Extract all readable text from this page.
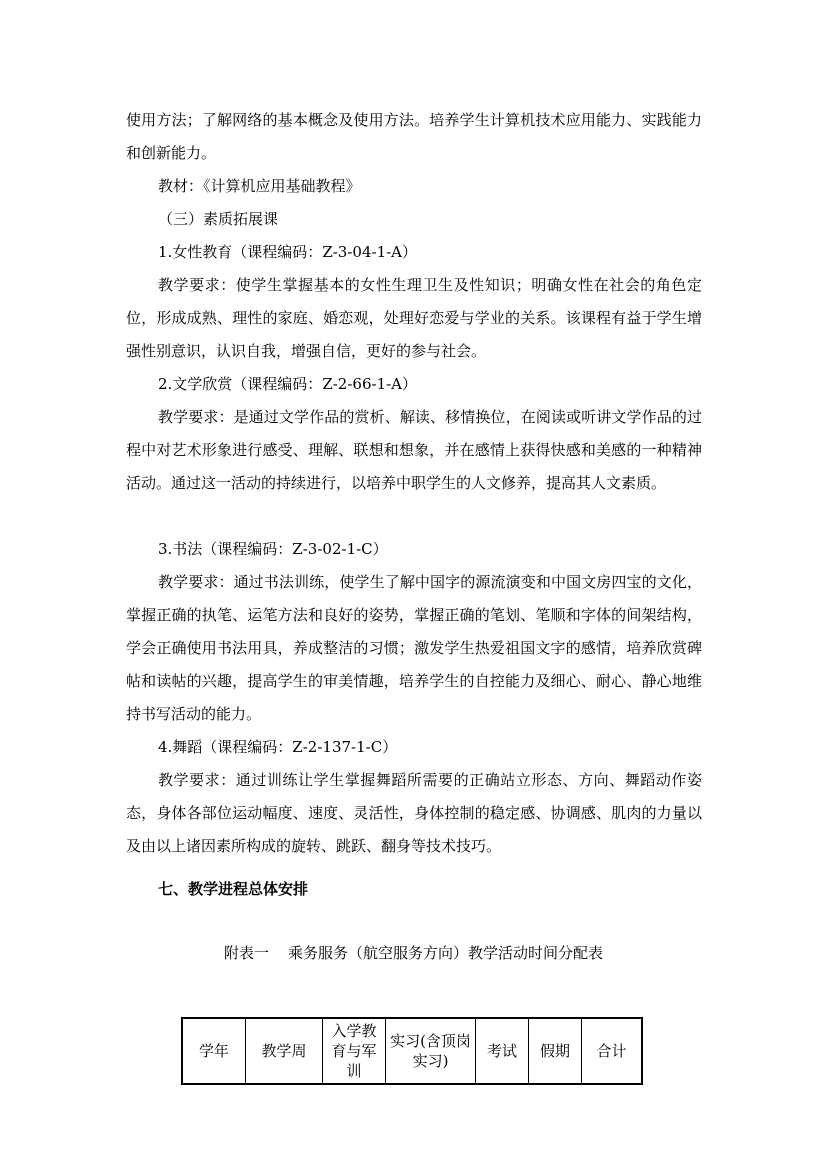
使用方法；了解网络的基本概念及使用方法。培养学生计算机技术应用能力、实践能力和创新能力。

教材：《计算机应用基础教程》

（三）素质拓展课

1.女性教育（课程编码：Z-3-04-1-A）

教学要求：使学生掌握基本的女性生理卫生及性知识；明确女性在社会的角色定位，形成成熟、理性的家庭、婚恋观，处理好恋爱与学业的关系。该课程有益于学生增强性别意识，认识自我，增强自信，更好的参与社会。

2.文学欣赏（课程编码：Z-2-66-1-A）

教学要求：是通过文学作品的赏析、解读、移情换位，在阅读或听讲文学作品的过程中对艺术形象进行感受、理解、联想和想象，并在感情上获得快感和美感的一种精神活动。通过这一活动的持续进行，以培养中职学生的人文修养，提高其人文素质。

3.书法（课程编码：Z-3-02-1-C）

教学要求：通过书法训练，使学生了解中国字的源流演变和中国文房四宝的文化，掌握正确的执笔、运笔方法和良好的姿势，掌握正确的笔划、笔顺和字体的间架结构，学会正确使用书法用具，养成整洁的习惯；激发学生热爱祖国文字的感情，培养欣赏碑帖和读帖的兴趣，提高学生的审美情趣，培养学生的自控能力及细心、耐心、静心地维持书写活动的能力。

4.舞蹈（课程编码：Z-2-137-1-C）

教学要求：通过训练让学生掌握舞蹈所需要的正确站立形态、方向、舞蹈动作姿态，身体各部位运动幅度、速度、灵活性，身体控制的稳定感、协调感、肌肉的力量以及由以上诸因素所构成的旋转、跳跃、翻身等技术技巧。

七、教学进程总体安排
附表一    乘务服务（航空服务方向）教学活动时间分配表
学年	教学周	入学教育与军训	实习(含顶岗实习)	考试	假期	合计
